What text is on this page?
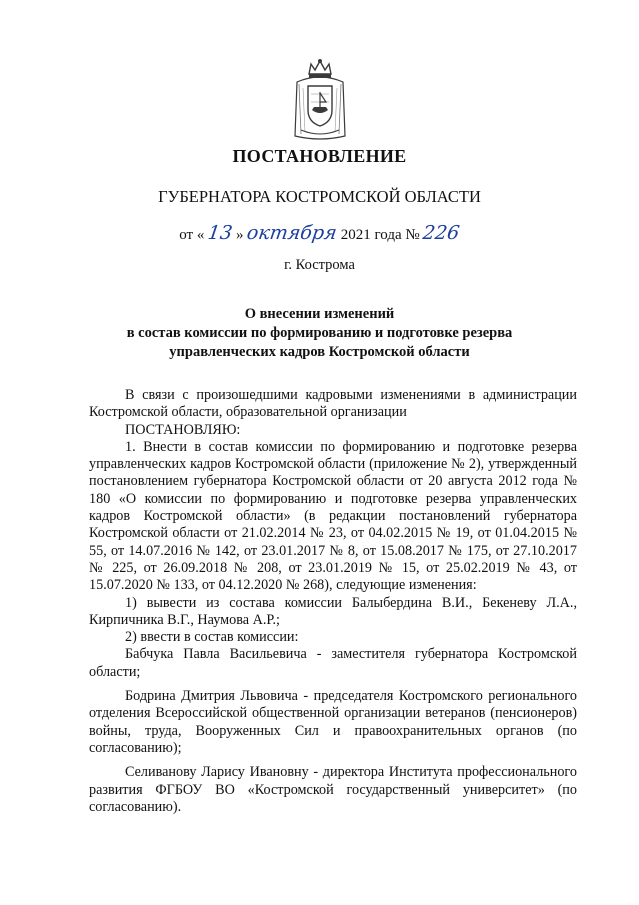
ПОСТАНОВЛЕНИЕ
ГУБЕРНАТОРА КОСТРОМСКОЙ ОБЛАСТИ
от « 13 » октября 2021 года № 226
г. Кострома
О внесении изменений
в состав комиссии по формированию и подготовке резерва
управленческих кадров Костромской области

В связи с произошедшими кадровыми изменениями в администрации Костромской области, образовательной организации

ПОСТАНОВЛЯЮ:

1. Внести в состав комиссии по формированию и подготовке резерва управленческих кадров Костромской области (приложение № 2), утвержденный постановлением губернатора Костромской области от 20 августа 2012 года № 180 «О комиссии по формированию и подготовке резерва управленческих кадров Костромской области» (в редакции постановлений губернатора Костромской области от 21.02.2014 № 23, от 04.02.2015 № 19, от 01.04.2015 № 55, от 14.07.2016 № 142, от 23.01.2017 № 8, от 15.08.2017 № 175, от 27.10.2017 № 225, от 26.09.2018 № 208, от 23.01.2019 № 15, от 25.02.2019 № 43, от 15.07.2020 № 133, от 04.12.2020 № 268), следующие изменения:

1) вывести из состава комиссии Балыбердина В.И., Бекеневу Л.А., Кирпичника В.Г., Наумова А.Р.;

2) ввести в состав комиссии:

Бабчука Павла Васильевича - заместителя губернатора Костромской области;

Бодрина Дмитрия Львовича - председателя Костромского регионального отделения Всероссийской общественной организации ветеранов (пенсионеров) войны, труда, Вооруженных Сил и правоохранительных органов (по согласованию);

Селиванову Ларису Ивановну - директора Института профессионального развития ФГБОУ ВО «Костромской государственный университет» (по согласованию).
